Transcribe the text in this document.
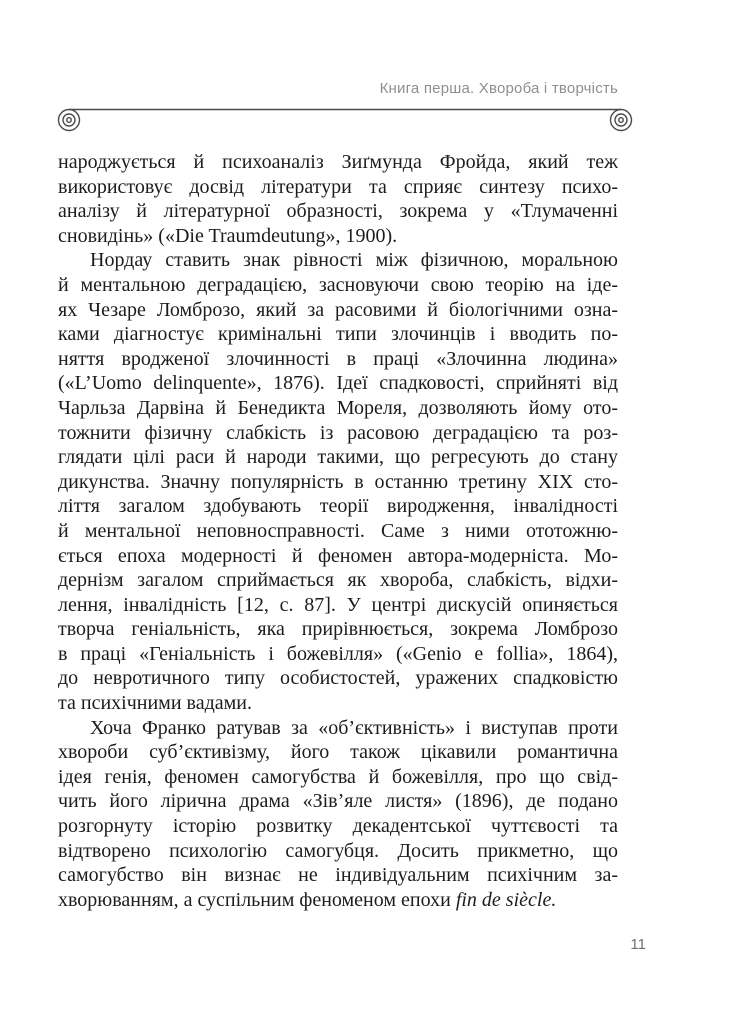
Книга перша. Хвороба і творчість
народжується й психоаналіз Зиґмунда Фройда, який теж
використовує досвід літератури та сприяє синтезу психо-
аналізу й літературної образності, зокрема у «Тлумаченні
сновидінь» («Die Traumdeutung», 1900).
Нордау ставить знак рівності між фізичною, моральною
й ментальною деградацією, засновуючи свою теорію на іде-
ях Чезаре Ломброзо, який за расовими й біологічними озна-
ками діагностує кримінальні типи злочинців і вводить по-
няття вродженої злочинності в праці «Злочинна людина»
(«L’Uomo delinquente», 1876). Ідеї спадковості, сприйняті від
Чарльза Дарвіна й Бенедикта Мореля, дозволяють йому ото-
тожнити фізичну слабкість із расовою деградацією та роз-
глядати цілі раси й народи такими, що регресують до стану
дикунства. Значну популярність в останню третину XIX сто-
ліття загалом здобувають теорії виродження, інвалідності
й ментальної неповносправності. Саме з ними ототожню-
ється епоха модерності й феномен автора-модерніста. Мо-
дернізм загалом сприймається як хвороба, слабкість, відхи-
лення, інвалідність [12, с. 87]. У центрі дискусій опиняється
творча геніальність, яка прирівнюється, зокрема Ломброзо
в праці «Геніальність і божевілля» («Genio e follia», 1864),
до невротичного типу особистостей, уражених спадковістю
та психічними вадами.
Хоча Франко ратував за «об’єктивність» і виступав проти
хвороби суб’єктивізму, його також цікавили романтична
ідея генія, феномен самогубства й божевілля, про що свід-
чить його лірична драма «Зів’яле листя» (1896), де подано
розгорнуту історію розвитку декадентської чуттєвості та
відтворено психологію самогубця. Досить прикметно, що
самогубство він визнає не індивідуальним психічним за-
хворюванням, а суспільним феноменом епохи fin de siècle.
11
